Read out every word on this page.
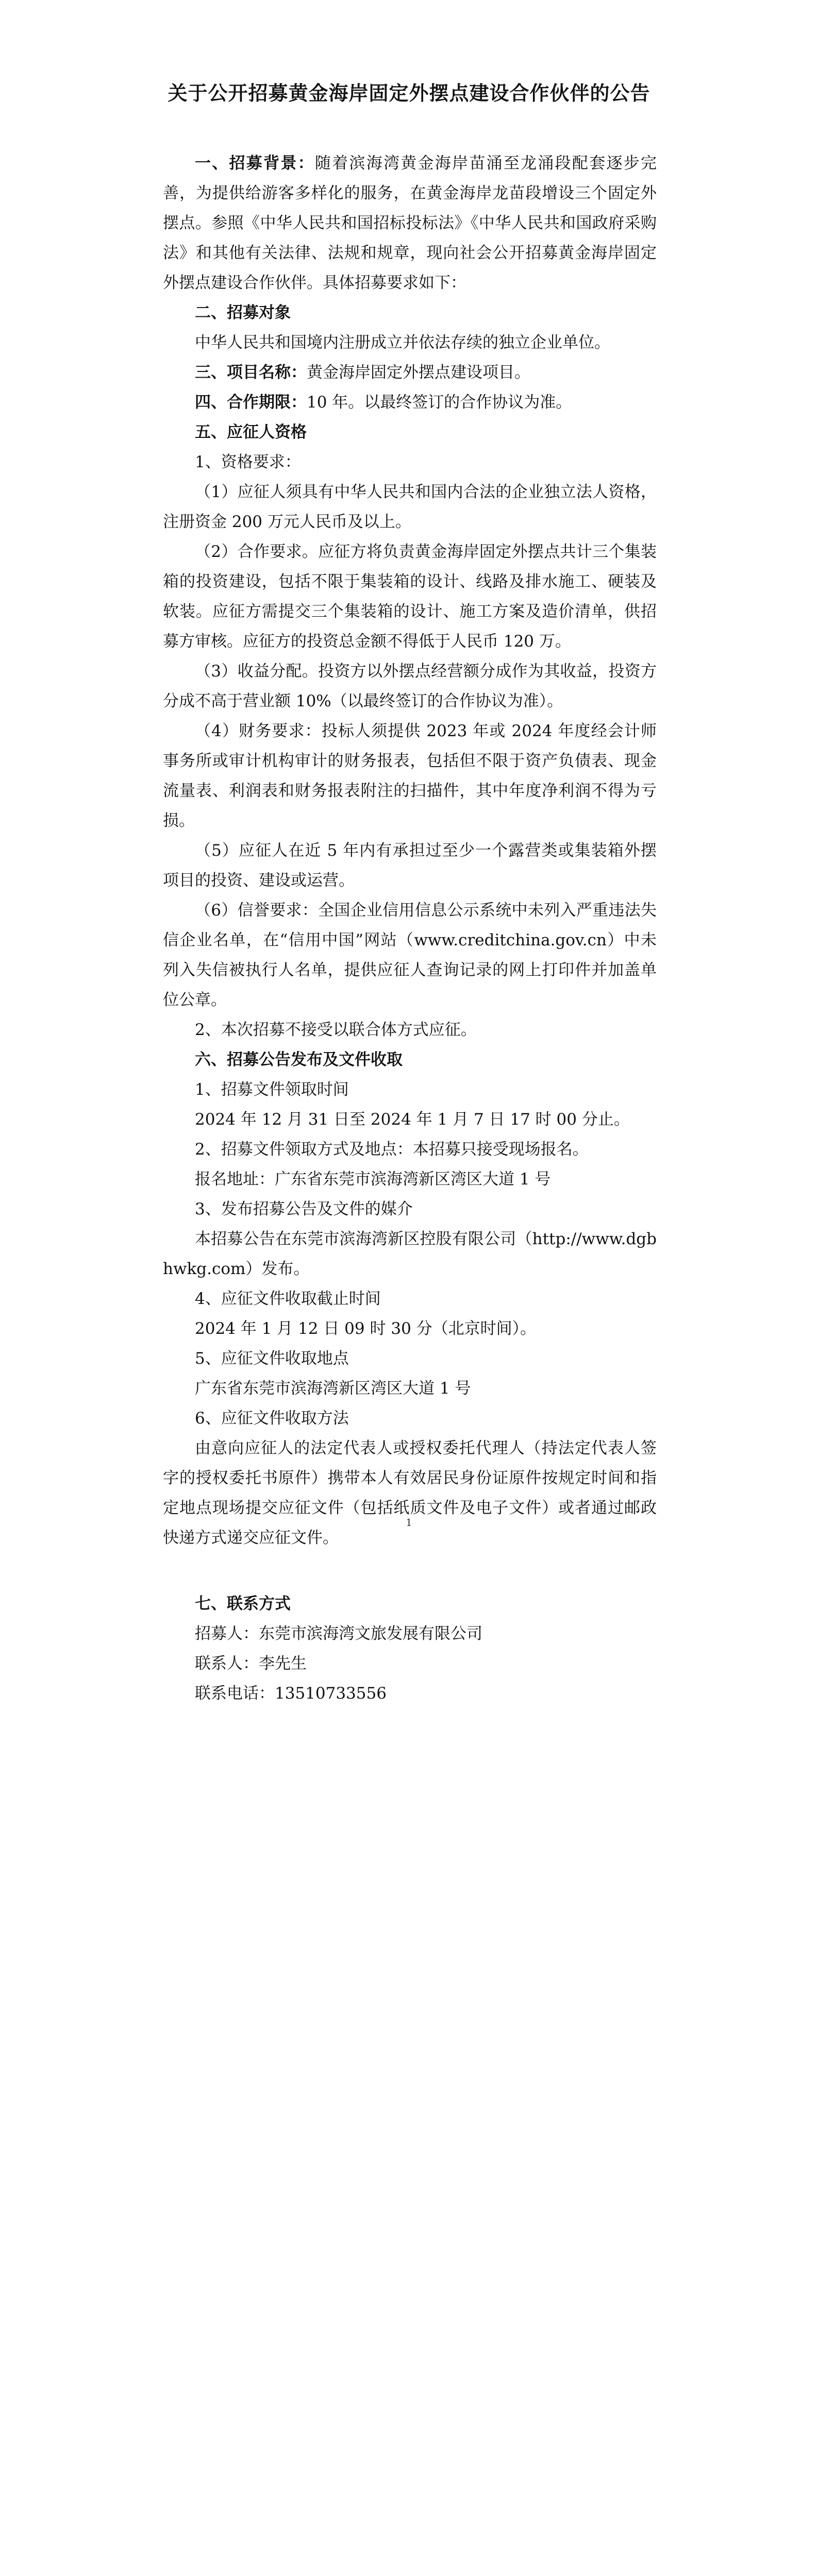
关于公开招募黄金海岸固定外摆点建设合作伙伴的公告

一、招募背景：随着滨海湾黄金海岸苗涌至龙涌段配套逐步完善，为提供给游客多样化的服务，在黄金海岸龙苗段增设三个固定外摆点。参照《中华人民共和国招标投标法》《中华人民共和国政府采购法》和其他有关法律、法规和规章，现向社会公开招募黄金海岸固定外摆点建设合作伙伴。具体招募要求如下：

二、招募对象

中华人民共和国境内注册成立并依法存续的独立企业单位。

三、项目名称：黄金海岸固定外摆点建设项目。

四、合作期限：10 年。以最终签订的合作协议为准。

五、应征人资格

1、资格要求：

（1）应征人须具有中华人民共和国内合法的企业独立法人资格，注册资金 200 万元人民币及以上。

（2）合作要求。应征方将负责黄金海岸固定外摆点共计三个集装箱的投资建设，包括不限于集装箱的设计、线路及排水施工、硬装及软装。应征方需提交三个集装箱的设计、施工方案及造价清单，供招募方审核。应征方的投资总金额不得低于人民币 120 万。

（3）收益分配。投资方以外摆点经营额分成作为其收益，投资方分成不高于营业额 10%（以最终签订的合作协议为准）。

（4）财务要求：投标人须提供 2023 年或 2024 年度经会计师事务所或审计机构审计的财务报表，包括但不限于资产负债表、现金流量表、利润表和财务报表附注的扫描件，其中年度净利润不得为亏损。

（5）应征人在近 5 年内有承担过至少一个露营类或集装箱外摆项目的投资、建设或运营。

（6）信誉要求：全国企业信用信息公示系统中未列入严重违法失信企业名单，在“信用中国”网站（www.creditchina.gov.cn）中未列入失信被执行人名单，提供应征人查询记录的网上打印件并加盖单位公章。

2、本次招募不接受以联合体方式应征。

六、招募公告发布及文件收取

1、招募文件领取时间

2024 年 12 月 31 日至 2024 年 1 月 7 日 17 时 00 分止。

2、招募文件领取方式及地点：本招募只接受现场报名。

报名地址：广东省东莞市滨海湾新区湾区大道 1 号

3、发布招募公告及文件的媒介

本招募公告在东莞市滨海湾新区控股有限公司（http://www.dgbhwkg.com）发布。

4、应征文件收取截止时间

2024 年 1 月 12 日 09 时 30 分（北京时间）。

5、应征文件收取地点

广东省东莞市滨海湾新区湾区大道 1 号

6、应征文件收取方法

由意向应征人的法定代表人或授权委托代理人（持法定代表人签字的授权委托书原件）携带本人有效居民身份证原件按规定时间和指定地点现场提交应征文件（包括纸质文件及电子文件）或者通过邮政快递方式递交应征文件。

1

七、联系方式

招募人：东莞市滨海湾文旅发展有限公司

联系人：李先生

联系电话：13510733556
